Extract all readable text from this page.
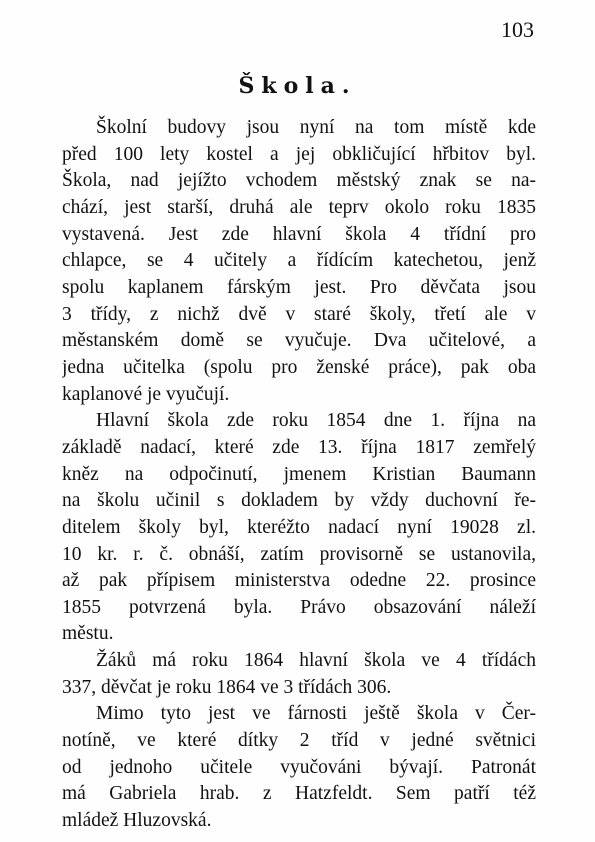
103
Škola.
Školní budovy jsou nyní na tom místě kde
před 100 lety kostel a jej obkličující hřbitov byl.
Škola, nad jejížto vchodem městský znak se na-
chází, jest starší, druhá ale teprv okolo roku 1835
vystavená. Jest zde hlavní škola 4 třídní pro
chlapce, se 4 učitely a řídícím katechetou, jenž
spolu kaplanem fárským jest. Pro děvčata jsou
3 třídy, z nichž dvě v staré školy, třetí ale v
městanském domě se vyučuje. Dva učitelové, a
jedna učitelka (spolu pro ženské práce), pak oba
kaplanové je vyučují.
Hlavní škola zde roku 1854 dne 1. října na
základě nadací, které zde 13. října 1817 zemřelý
kněz na odpočinutí, jmenem Kristian Baumann
na školu učinil s dokladem by vždy duchovní ře-
ditelem školy byl, kteréžto nadací nyní 19028 zl.
10 kr. r. č. obnáší, zatím provisorně se ustanovila,
až pak přípisem ministerstva odedne 22. prosince
1855 potvrzená byla. Právo obsazování náleží
městu.
Žáků má roku 1864 hlavní škola ve 4 třídách
337, děvčat je roku 1864 ve 3 třídách 306.
Mimo tyto jest ve fárnosti ještě škola v Čer-
notíně, ve které dítky 2 tříd v jedné světnici
od jednoho učitele vyučováni bývají. Patronát
má Gabriela hrab. z Hatzfeldt. Sem patří též
mládež Hluzovská.
